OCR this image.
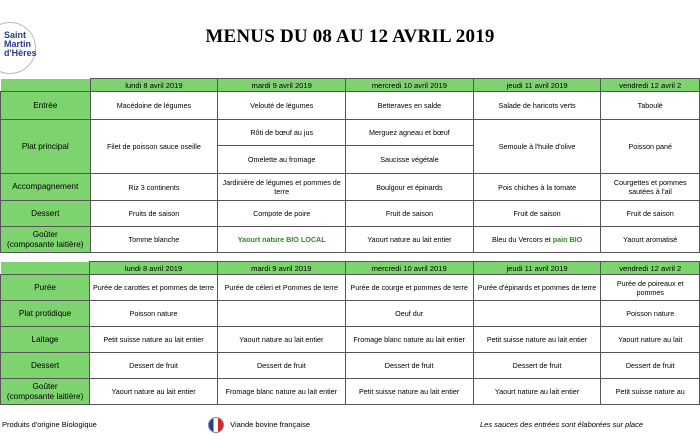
Saint
Martin
d'Hères
MENUS DU 08 AU 12 AVRIL 2019
	lundi 8 avril 2019	mardi 9 avril 2019	mercredi 10 avril 2019	jeudi 11 avril 2019	vendredi 12 avril 2
Entrée	Macédoine de légumes	Velouté de légumes	Betteraves en salde	Salade de haricots verts	Taboulé
Plat principal	Filet de poisson sauce oseille	Rôti de bœuf au jus	Merguez agneau et bœuf	Semoule à l'huile d'olive	Poisson pané
		Omelette au fromage	Saucisse végétale		
Accompagnement	Riz 3 continents	Jardinière de légumes et pommes de terre	Boulgour et épinards	Pois chiches à la tomate	Courgettes et pommes sautées à l'ail
Dessert	Fruits de saison	Compote de poire	Fruit de saison	Fruit de saison	Fruit de saison

Goûter
(composante laitière)	Tomme blanche	Yaourt nature BIO LOCAL	Yaourt nature au lait entier	Bleu du Vercors et pain BIO	Yaourt aromatisé
	lundi 8 avril 2019	mardi 9 avril 2019	mercredi 10 avril 2019	jeudi 11 avril 2019	vendredi 12 avril 2
Purée	Purée de carottes et pommes de terre	Purée de céleri et Pommes de terre	Purée de courge et pommes de terre	Purée d'épinards et pommes de terre	Purée de poireaux et pommes
Plat protidique	Poisson nature		Oeuf dur		Poisson nature
Laitage	Petit suisse nature au lait entier	Yaourt nature au lait entier	Fromage blanc nature au lait entier	Petit suisse nature au lait entier	Yaourt nature au lait
Dessert	Dessert de fruit	Dessert de fruit	Dessert de fruit	Dessert de fruit	Dessert de fruit

Goûter
(composante laitière)	Yaourt nature au lait entier	Fromage blanc nature au lait entier	Petit suisse nature au lait entier	Yaourt nature au lait entier	Petit suisse nature au
Produits d'origine Biologique	Viande bovine française	Les sauces des entrées sont élaborées sur place
